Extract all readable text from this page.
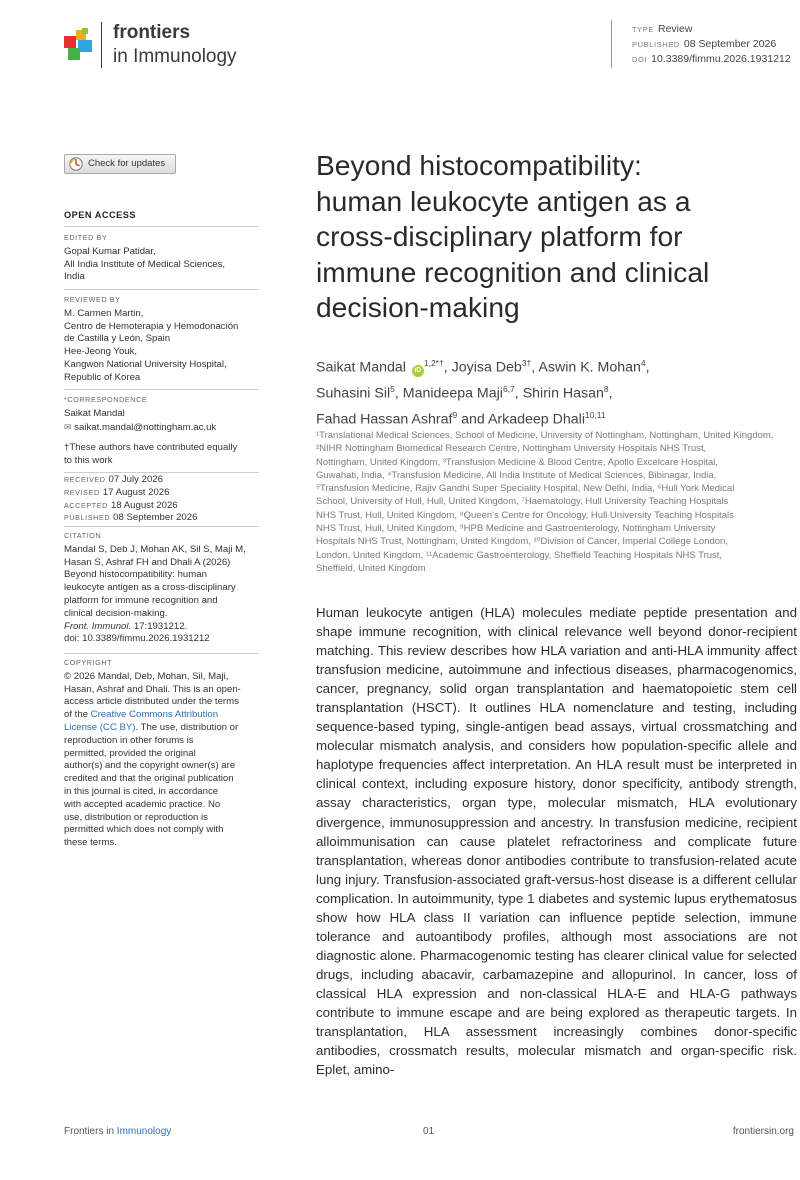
frontiers
in Immunology
TYPE Review
PUBLISHED 08 September 2026
DOI 10.3389/fimmu.2026.1931212
Check for updates
OPEN ACCESS
EDITED BY
Gopal Kumar Patidar,
All India Institute of Medical Sciences,
India
REVIEWED BY
M. Carmen Martin,
Centro de Hemoterapia y Hemodonación
de Castilla y León, Spain
Hee-Jeong Youk,
Kangwon National University Hospital,
Republic of Korea
*CORRESPONDENCE
Saikat Mandal
✉ saikat.mandal@nottingham.ac.uk
†These authors have contributed equally
to this work
RECEIVED 07 July 2026
REVISED 17 August 2026
ACCEPTED 18 August 2026
PUBLISHED 08 September 2026
CITATION
Mandal S, Deb J, Mohan AK, Sil S, Maji M,
Hasan S, Ashraf FH and Dhali A (2026)
Beyond histocompatibility: human
leukocyte antigen as a cross-disciplinary
platform for immune recognition and
clinical decision-making.
Front. Immunol. 17:1931212.
doi: 10.3389/fimmu.2026.1931212
COPYRIGHT
© 2026 Mandal, Deb, Mohan, Sil, Maji,
Hasan, Ashraf and Dhali. This is an open-
access article distributed under the terms
of the Creative Commons Attribution
License (CC BY). The use, distribution or
reproduction in other forums is
permitted, provided the original
author(s) and the copyright owner(s) are
credited and that the original publication
in this journal is cited, in accordance
with accepted academic practice. No
use, distribution or reproduction is
permitted which does not comply with
these terms.
Beyond histocompatibility:
human leukocyte antigen as a
cross-disciplinary platform for
immune recognition and clinical
decision-making
Saikat Mandal $iD^{1,2*\dagger}$, Joyisa Deb$^{3\dagger}$, Aswin K. Mohan$^4$,
Suhasini Sil$^5$, Manideepa Maji$^{6,7}$, Shirin Hasan$^8$,
Fahad Hassan Ashraf$^9$ and Arkadeep Dhali$^{10,11}$

¹Translational Medical Sciences, School of Medicine, University of Nottingham, Nottingham, United Kingdom,

²NIHR Nottingham Biomedical Research Centre, Nottingham University Hospitals NHS Trust,

Nottingham, United Kingdom, ³Transfusion Medicine & Blood Centre, Apollo Excelcare Hospital,

Guwahati, India, ⁴Transfusion Medicine, All India Institute of Medical Sciences, Bibinagar, India,

⁵Transfusion Medicine, Rajiv Gandhi Super Speciality Hospital, New Delhi, India, ⁶Hull York Medical

School, University of Hull, Hull, United Kingdom, ⁷Haematology, Hull University Teaching Hospitals

NHS Trust, Hull, United Kingdom, ⁸Queen's Centre for Oncology, Hull University Teaching Hospitals

NHS Trust, Hull, United Kingdom, ⁹HPB Medicine and Gastroenterology, Nottingham University

Hospitals NHS Trust, Nottingham, United Kingdom, ¹⁰Division of Cancer, Imperial College London,

London, United Kingdom, ¹¹Academic Gastroenterology, Sheffield Teaching Hospitals NHS Trust,

Sheffield, United Kingdom

Human leukocyte antigen (HLA) molecules mediate peptide presentation and shape immune recognition, with clinical relevance well beyond donor-recipient matching. This review describes how HLA variation and anti-HLA immunity affect transfusion medicine, autoimmune and infectious diseases, pharmacogenomics, cancer, pregnancy, solid organ transplantation and haematopoietic stem cell transplantation (HSCT). It outlines HLA nomenclature and testing, including sequence-based typing, single-antigen bead assays, virtual crossmatching and molecular mismatch analysis, and considers how population-specific allele and haplotype frequencies affect interpretation. An HLA result must be interpreted in clinical context, including exposure history, donor specificity, antibody strength, assay characteristics, organ type, molecular mismatch, HLA evolutionary divergence, immunosuppression and ancestry. In transfusion medicine, recipient alloimmunisation can cause platelet refractoriness and complicate future transplantation, whereas donor antibodies contribute to transfusion-related acute lung injury. Transfusion-associated graft-versus-host disease is a different cellular complication. In autoimmunity, type 1 diabetes and systemic lupus erythematosus show how HLA class II variation can influence peptide selection, immune tolerance and autoantibody profiles, although most associations are not diagnostic alone. Pharmacogenomic testing has clearer clinical value for selected drugs, including abacavir, carbamazepine and allopurinol. In cancer, loss of classical HLA expression and non-classical HLA-E and HLA-G pathways contribute to immune escape and are being explored as therapeutic targets. In transplantation, HLA assessment increasingly combines donor-specific antibodies, crossmatch results, molecular mismatch and organ-specific risk. Eplet, amino-
Frontiers in Immunology	01	frontiersin.org
